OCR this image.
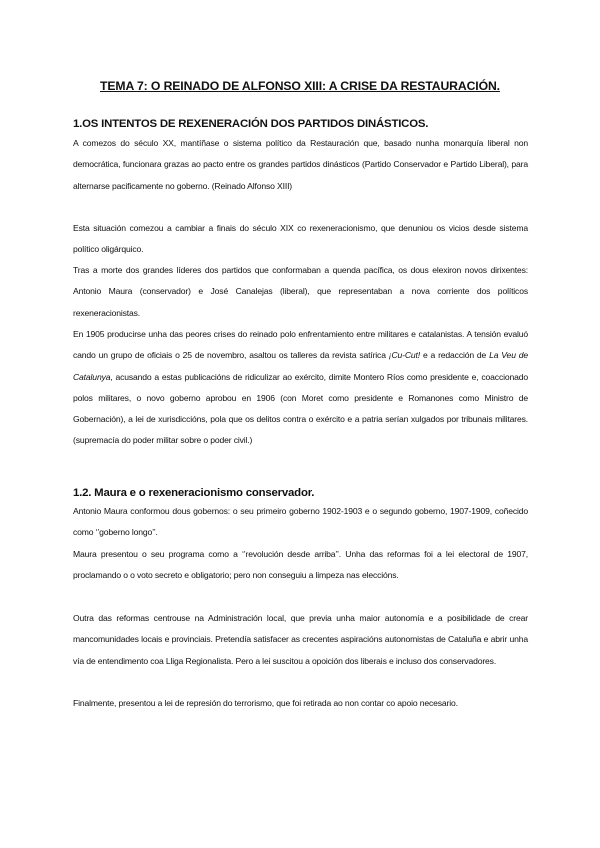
TEMA 7: O REINADO DE ALFONSO XIII: A CRISE DA RESTAURACIÓN.
1.OS INTENTOS DE REXENERACIÓN DOS PARTIDOS DINÁSTICOS.

A comezos do século XX, mantíñase o sistema político da Restauración que, basado nunha monarquía liberal non democrática, funcionara grazas ao pacto entre os grandes partidos dinásticos (Partido Conservador e Partido Liberal), para alternarse pacificamente no goberno. (Reinado Alfonso XIII)

Esta situación comezou a cambiar a finais do século XIX co rexeneracionismo, que denuniou os vicios desde sistema político oligárquico.

Tras a morte dos grandes líderes dos partidos que conformaban a quenda pacífica, os dous elexiron novos dirixentes: Antonio Maura (conservador) e José Canalejas (liberal), que representaban a nova corriente dos políticos rexeneracionistas.

En 1905 producirse unha das peores crises do reinado polo enfrentamiento entre militares e catalanistas. A tensión evaluó cando un grupo de oficiais o 25 de novembro, asaltou os talleres da revista satírica ¡Cu-Cut! e a redacción de La Veu de Catalunya, acusando a estas publicacións de ridiculizar ao exército, dimite Montero Ríos como presidente e, coaccionado polos militares, o novo goberno aprobou en 1906 (con Moret como presidente e Romanones como Ministro de Gobernación), a lei de xurisdiccións, pola que os delitos contra o exército e a patria serían xulgados por tribunais militares. (supremacía do poder militar sobre o poder civil.)

1.2. Maura e o rexeneracionismo conservador.

Antonio Maura conformou dous gobernos: o seu primeiro goberno 1902-1903 e o segundo goberno, 1907-1909, coñecido como ‘’goberno longo’’.

Maura presentou o seu programa como a ‘’revolución desde arriba’’. Unha das reformas foi a lei electoral de 1907, proclamando o o voto secreto e obligatorio; pero non conseguiu a limpeza nas eleccións.

Outra das reformas centrouse na Administración local, que previa unha maior autonomía e a posibilidade de crear mancomunidades locais e provinciais. Pretendía satisfacer as crecentes aspiracións autonomistas de Cataluña e abrir unha vía de entendimento coa Lliga Regionalista. Pero a lei suscitou a opoición dos liberais e incluso dos conservadores.

Finalmente, presentou a lei de represión do terrorismo, que foi retirada ao non contar co apoio necesario.
